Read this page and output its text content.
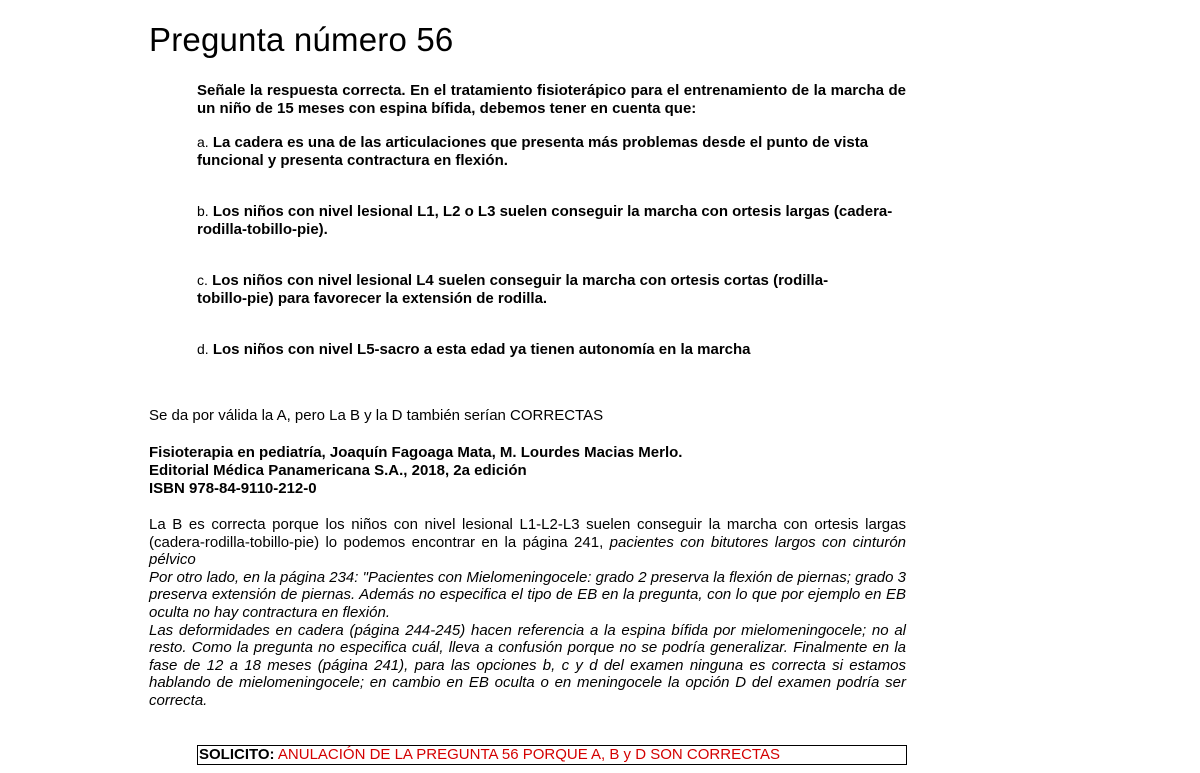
Pregunta número 56

Señale la respuesta correcta. En el tratamiento fisioterápico para el entrenamiento de la marcha de un niño de 15 meses con espina bífida, debemos tener en cuenta que:

a. La cadera es una de las articulaciones que presenta más problemas desde el punto de vista funcional y presenta contractura en flexión.

b. Los niños con nivel lesional L1, L2 o L3 suelen conseguir la marcha con ortesis largas (cadera-rodilla-tobillo-pie).

c. Los niños con nivel lesional L4 suelen conseguir la marcha con ortesis cortas (rodilla-tobillo-pie) para favorecer la extensión de rodilla.

d. Los niños con nivel L5-sacro a esta edad ya tienen autonomía en la marcha

Se da por válida la A, pero La B y la D también serían CORRECTAS

Fisioterapia en pediatría, Joaquín Fagoaga Mata, M. Lourdes Macias Merlo.
Editorial Médica Panamericana S.A., 2018, 2a edición
ISBN 978-84-9110-212-0

La B es correcta porque los niños con nivel lesional L1-L2-L3 suelen conseguir la marcha con ortesis largas (cadera-rodilla-tobillo-pie) lo podemos encontrar en la página 241, pacientes con bitutores largos con cinturón pélvico

Por otro lado, en la página 234: "Pacientes con Mielomeningocele: grado 2 preserva la flexión de piernas; grado 3 preserva extensión de piernas. Además no especifica el tipo de EB en la pregunta, con lo que por ejemplo en EB oculta no hay contractura en flexión.

Las deformidades en cadera (página 244-245) hacen referencia a la espina bífida por mielomeningocele; no al resto. Como la pregunta no especifica cuál, lleva a confusión porque no se podría generalizar. Finalmente en la fase de 12 a 18 meses (página 241), para las opciones b, c y d del examen ninguna es correcta si estamos hablando de mielomeningocele; en cambio en EB oculta o en meningocele la opción D del examen podría ser correcta.

SOLICITO: ANULACIÓN DE LA PREGUNTA 56 PORQUE A, B y D SON CORRECTAS
